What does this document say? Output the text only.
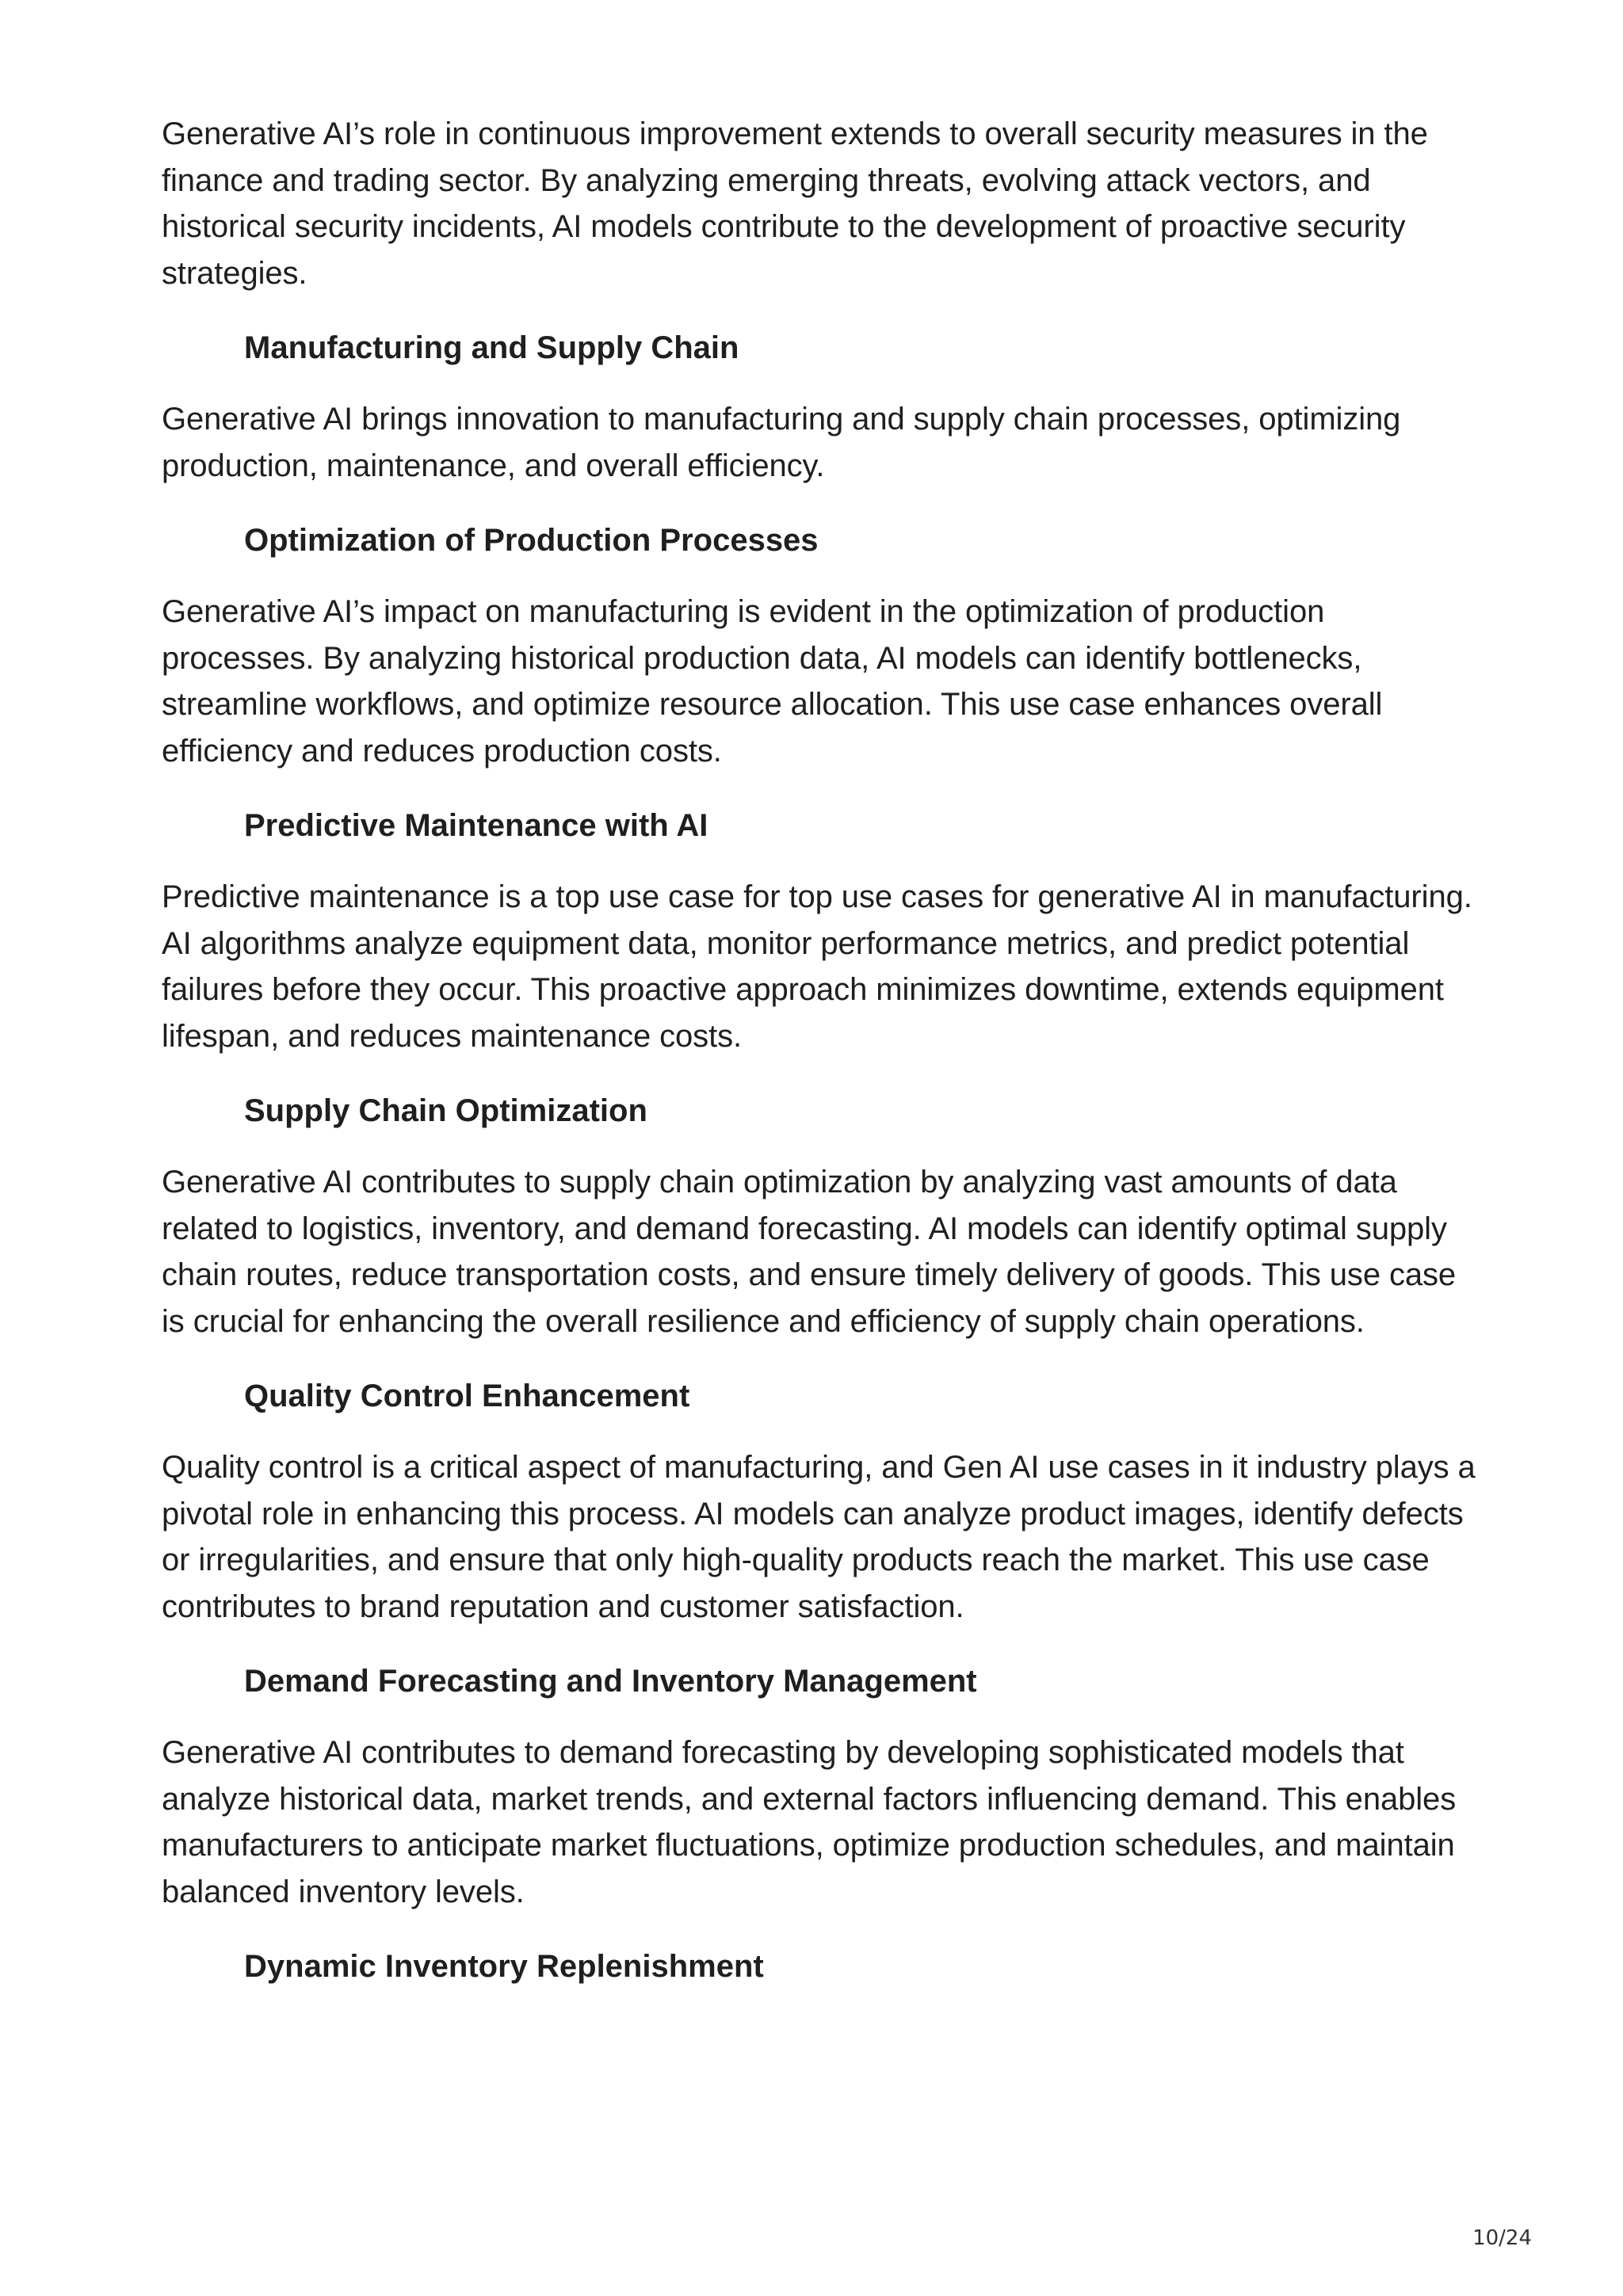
Generative AI’s role in continuous improvement extends to overall security measures in the finance and trading sector. By analyzing emerging threats, evolving attack vectors, and historical security incidents, AI models contribute to the development of proactive security strategies.

Manufacturing and Supply Chain

Generative AI brings innovation to manufacturing and supply chain processes, optimizing production, maintenance, and overall efficiency.

Optimization of Production Processes

Generative AI’s impact on manufacturing is evident in the optimization of production processes. By analyzing historical production data, AI models can identify bottlenecks, streamline workflows, and optimize resource allocation. This use case enhances overall efficiency and reduces production costs.

Predictive Maintenance with AI

Predictive maintenance is a top use case for top use cases for generative AI in manufacturing. AI algorithms analyze equipment data, monitor performance metrics, and predict potential failures before they occur. This proactive approach minimizes downtime, extends equipment lifespan, and reduces maintenance costs.

Supply Chain Optimization

Generative AI contributes to supply chain optimization by analyzing vast amounts of data related to logistics, inventory, and demand forecasting. AI models can identify optimal supply chain routes, reduce transportation costs, and ensure timely delivery of goods. This use case is crucial for enhancing the overall resilience and efficiency of supply chain operations.

Quality Control Enhancement

Quality control is a critical aspect of manufacturing, and Gen AI use cases in it industry plays a pivotal role in enhancing this process. AI models can analyze product images, identify defects or irregularities, and ensure that only high-quality products reach the market. This use case contributes to brand reputation and customer satisfaction.

Demand Forecasting and Inventory Management

Generative AI contributes to demand forecasting by developing sophisticated models that analyze historical data, market trends, and external factors influencing demand. This enables manufacturers to anticipate market fluctuations, optimize production schedules, and maintain balanced inventory levels.

Dynamic Inventory Replenishment
10/24
